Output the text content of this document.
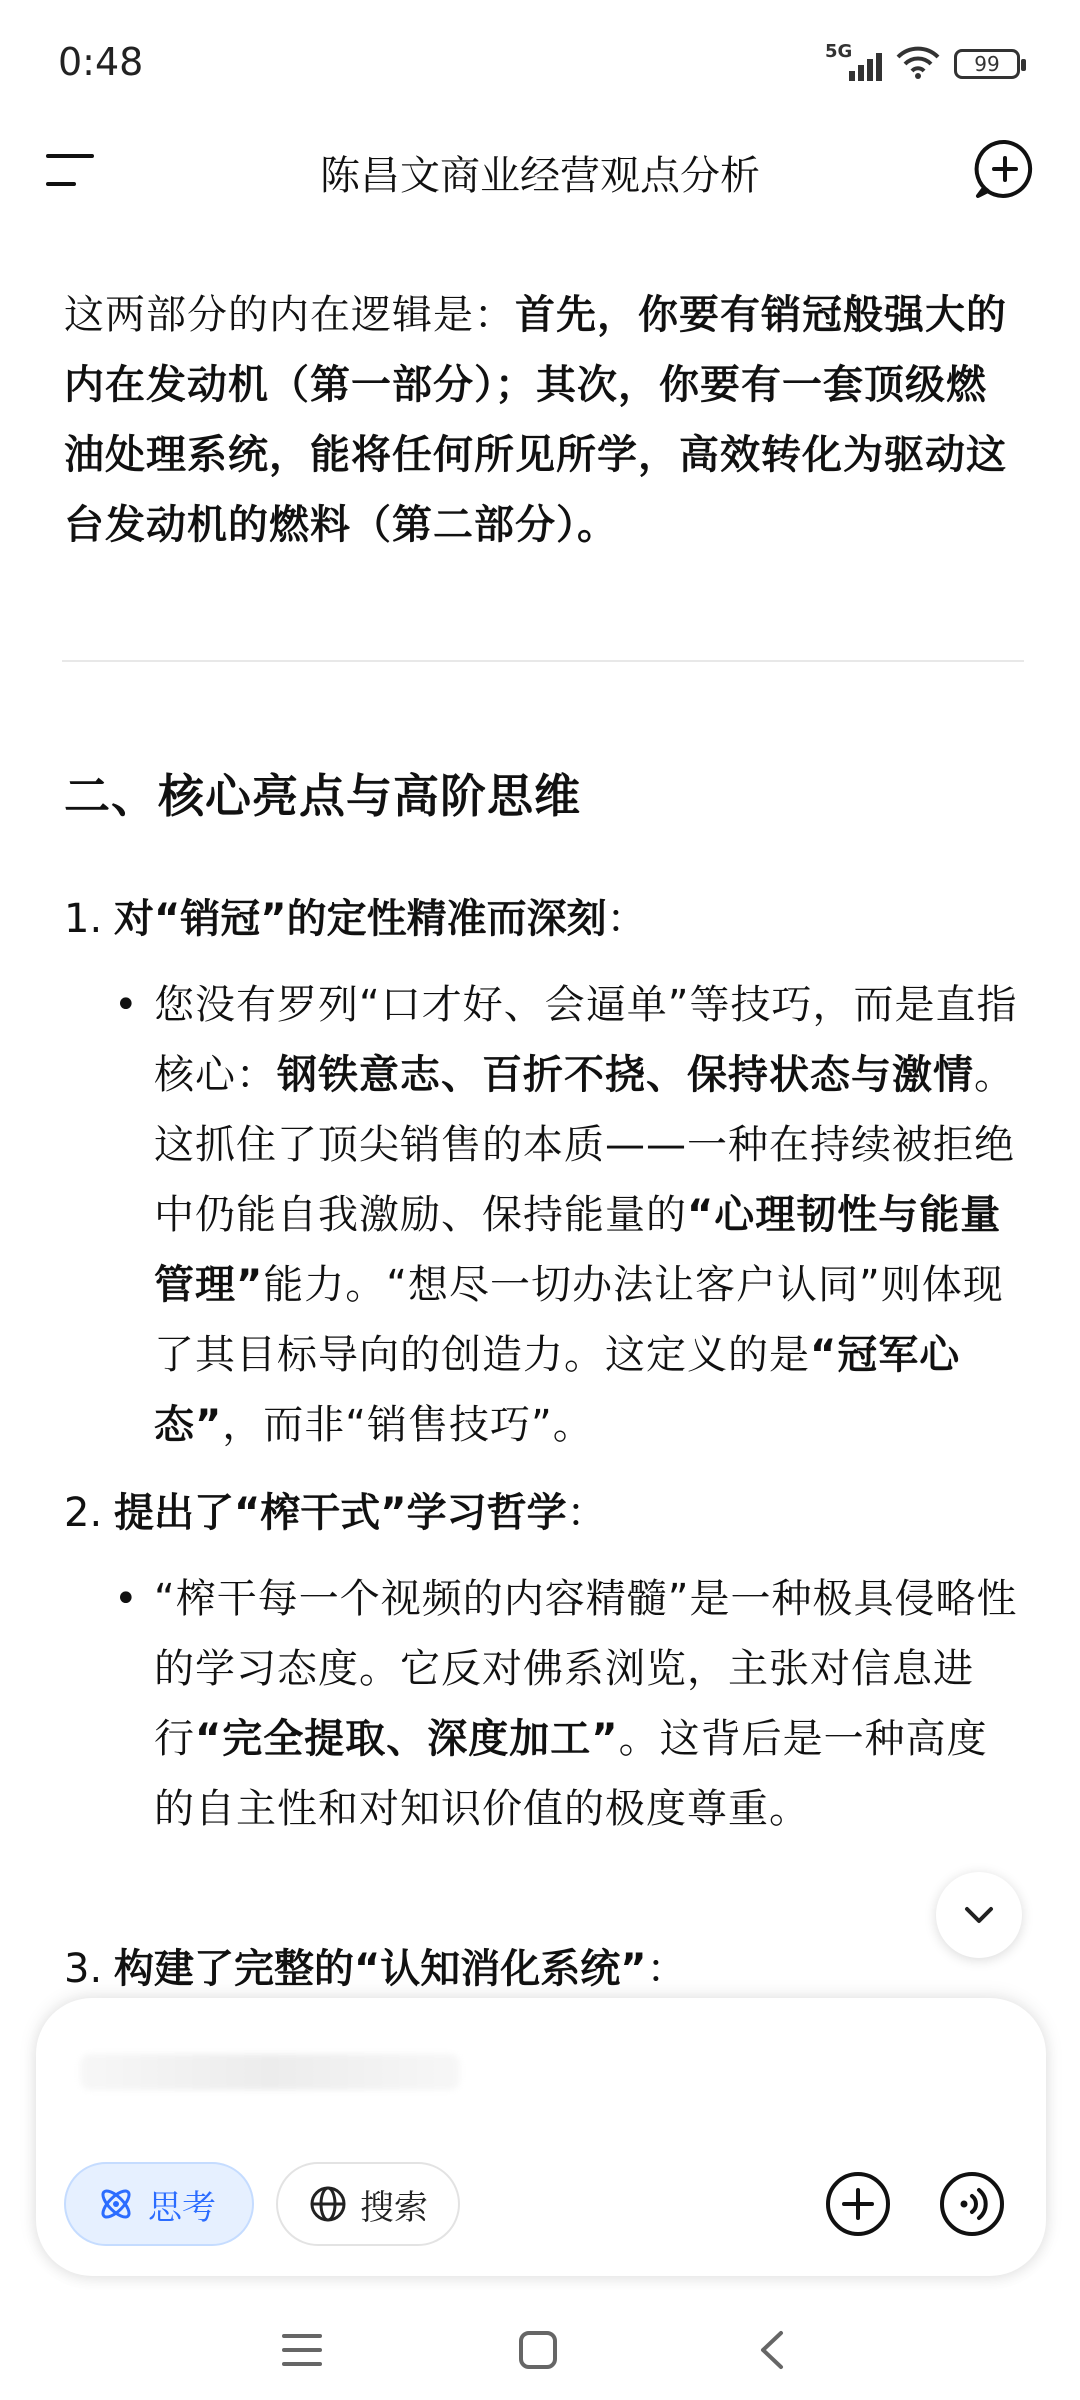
0:48	5G
99
陈昌文商业经营观点分析

这两部分的内在逻辑是：首先，你要有销冠般强大的内在发动机（第一部分）；其次，你要有一套顶级燃油处理系统，能将任何所见所学，高效转化为驱动这台发动机的燃料（第二部分）。

二、核心亮点与高阶思维
1. 对“销冠”的定性精准而深刻：
• 您没有罗列“口才好、会逼单”等技巧，而是直指核心：钢铁意志、百折不挠、保持状态与激情。这抓住了顶尖销售的本质——一种在持续被拒绝中仍能自我激励、保持能量的“心理韧性与能量管理”能力。“想尽一切办法让客户认同”则体现了其目标导向的创造力。这定义的是“冠军心态”，而非“销售技巧”。
2. 提出了“榨干式”学习哲学：
• “榨干每一个视频的内容精髓”是一种极具侵略性的学习态度。它反对佛系浏览，主张对信息进行“完全提取、深度加工”。这背后是一种高度的自主性和对知识价值的极度尊重。
3. 构建了完整的“认知消化系统”：
思考	搜索
